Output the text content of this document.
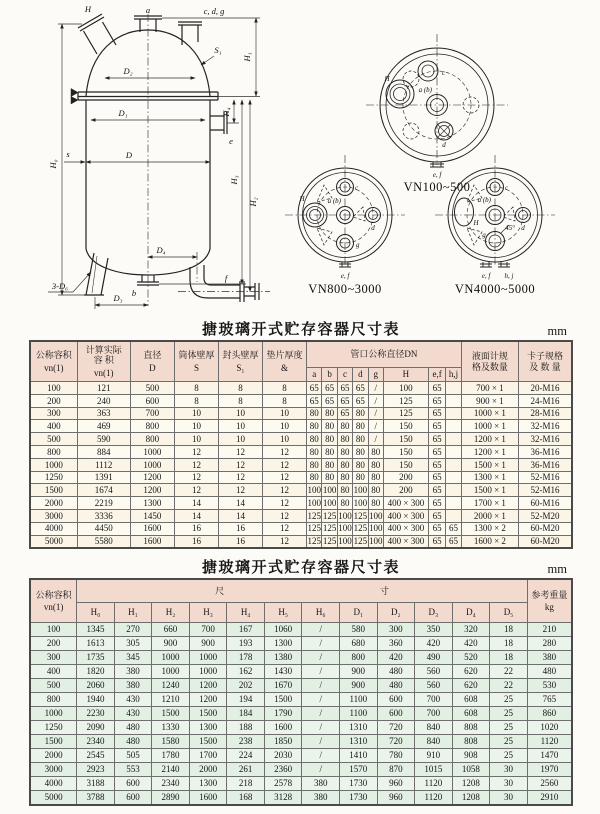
H	a	c, d, g
S₁
D₂
D₁
s	D
e
D₄
b
f
3-D₆
D₃
H₀
H₁
H₄
H₃
H₂
c
H
a (b)
d
e, f
VN100~500
c
H	a (b)
d
g
e, f
VN800~3000
c
H
a (b)
d
g
45°
e, f h, j
VN4000~5000
搪玻璃开式贮存容器尺寸表	mm
公称容积
vn(1)	计算实际
容 积
vn(1)	直径
D	筒体壁厚
S	封头壁厚
S₁	垫片厚度
&	管口公称直径DN								液面计规
格及数量	卡子规格
及 数 量

						a	b	c	d	g	H	e,f	h,j		
100	121	500	8	8	8	65	65	65	65	/	100	65		700 × 1	20-M16
200	240	600	8	8	8	65	65	65	65	/	125	65		900 × 1	24-M16
300	363	700	10	10	10	80	80	65	80	/	125	65		1000 × 1	28-M16
400	469	800	10	10	10	80	80	80	80	/	150	65		1000 × 1	32-M16
500	590	800	10	10	10	80	80	80	80	/	150	65		1200 × 1	32-M16
800	884	1000	12	12	12	80	80	80	80	80	150	65		1200 × 1	36-M16
1000	1112	1000	12	12	12	80	80	80	80	80	150	65		1500 × 1	36-M16
1250	1391	1200	12	12	12	80	80	80	80	80	200	65		1300 × 1	52-M16
1500	1674	1200	12	12	12	100	100	80	100	80	200	65		1500 × 1	52-M16
2000	2219	1300	14	14	12	100	100	80	100	80	400 × 300	65		1700 × 1	60-M16
3000	3336	1450	14	14	12	125	125	100	125	100	400 × 300	65		2000 × 1	52-M20
4000	4450	1600	16	16	12	125	125	100	125	100	400 × 300	65	65	1300 × 2	60-M20
5000	5580	1600	16	16	12	125	125	100	125	100	400 × 300	65	65	1600 × 2	60-M20
搪玻璃开式贮存容器尺寸表	mm
公称容积
vn(1)	尺 寸												参考重量
kg

	H₀	H₁	H₂	H₃	H₄	H₅	H₆	D₁	D₂	D₃	D₄	D₅	
100	1345	270	660	700	167	1060	/	580	300	350	320	18	210
200	1613	305	900	900	193	1300	/	680	360	420	420	18	280
300	1735	345	1000	1000	178	1380	/	800	420	490	520	18	380
400	1820	380	1000	1000	162	1430	/	900	480	560	620	22	480
500	2060	380	1240	1200	202	1670	/	900	480	560	620	22	530
800	1940	430	1210	1200	194	1500	/	1100	600	700	608	25	765
1000	2230	430	1500	1500	184	1790	/	1100	600	700	608	25	860
1250	2090	480	1330	1300	188	1600	/	1310	720	840	808	25	1020
1500	2340	480	1580	1500	238	1850	/	1310	720	840	808	25	1120
2000	2545	505	1780	1700	224	2030	/	1410	780	910	908	25	1470
3000	2923	553	2140	2000	261	2360	/	1570	870	1015	1058	30	1970
4000	3188	600	2340	1300	218	2578	380	1730	960	1120	1208	30	2560
5000	3788	600	2890	1600	168	3128	380	1730	960	1120	1208	30	2910
